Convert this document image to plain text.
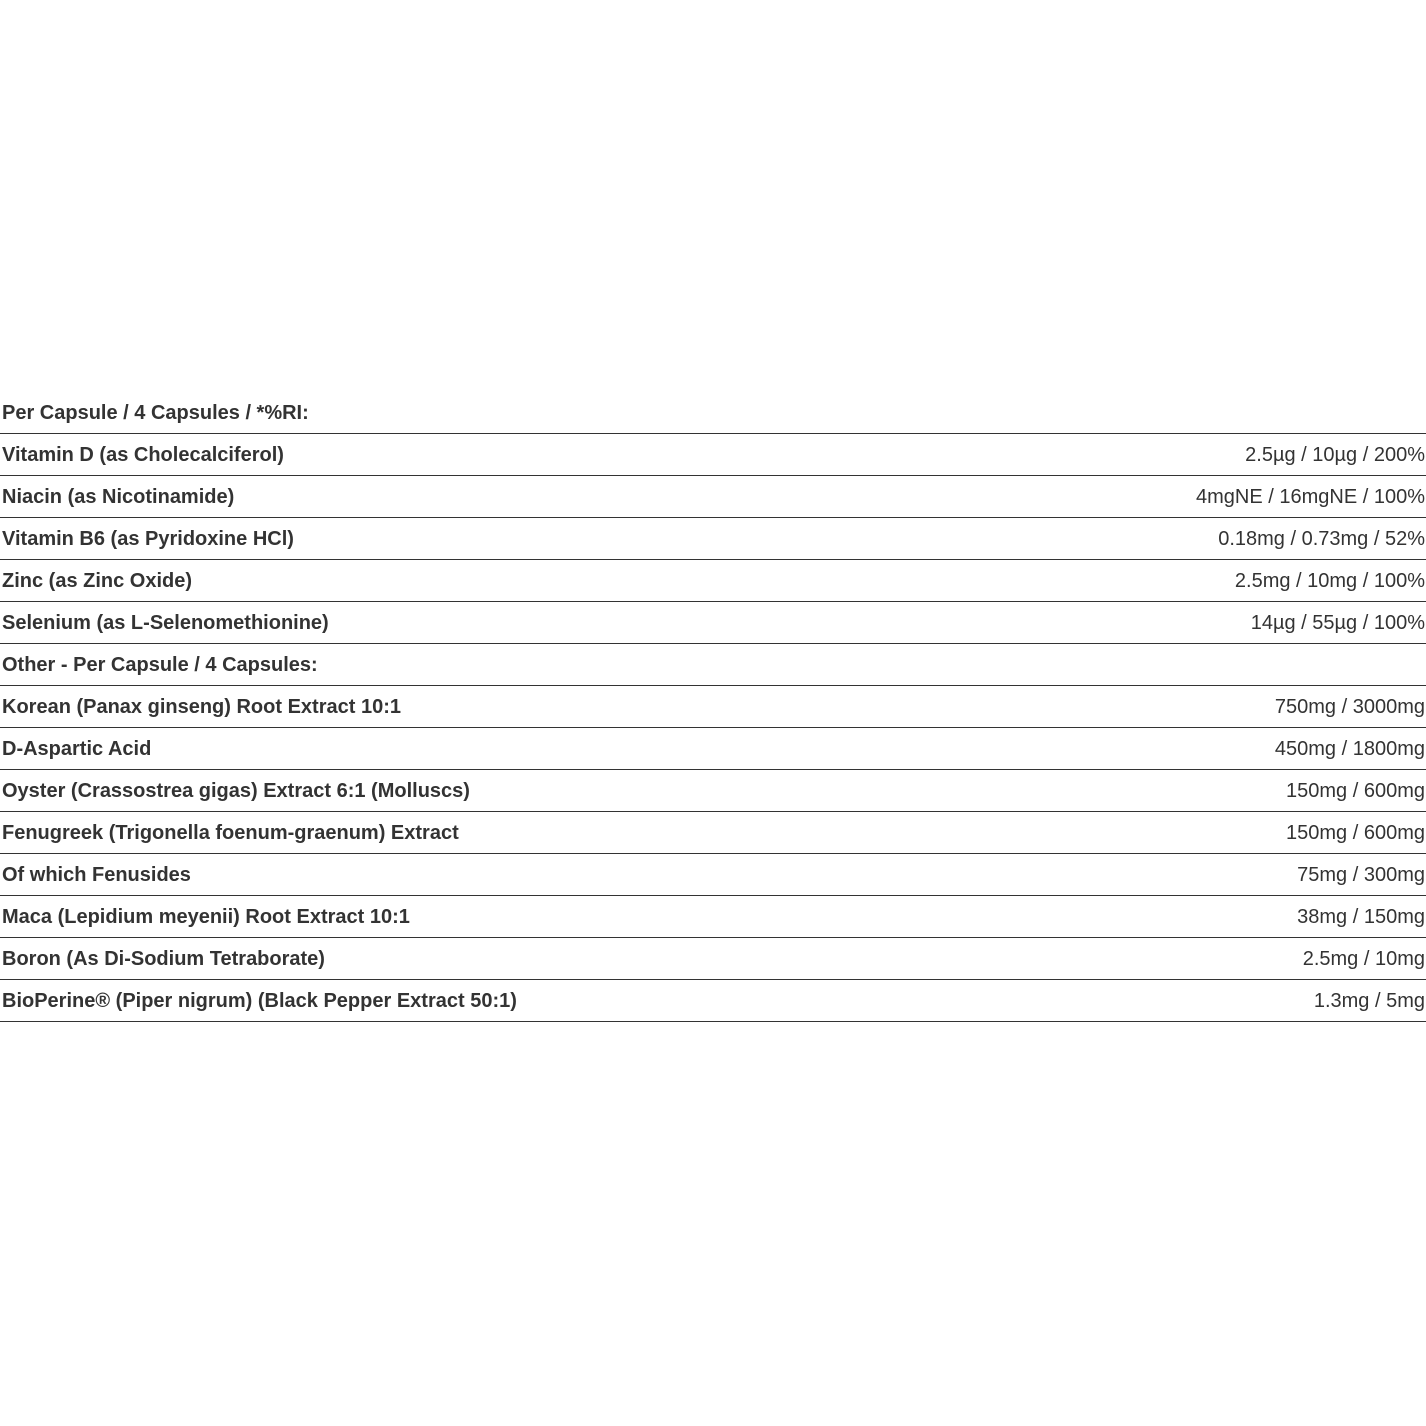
Per Capsule / 4 Capsules / *%RI:
Vitamin D (as Cholecalciferol)	2.5µg / 10µg / 200%
Niacin (as Nicotinamide)	4mgNE / 16mgNE / 100%
Vitamin B6 (as Pyridoxine HCl)	0.18mg / 0.73mg / 52%
Zinc (as Zinc Oxide)	2.5mg / 10mg / 100%
Selenium (as L-Selenomethionine)	14µg / 55µg / 100%
Other - Per Capsule / 4 Capsules:
Korean (Panax ginseng) Root Extract 10:1	750mg / 3000mg
D-Aspartic Acid	450mg / 1800mg
Oyster (Crassostrea gigas) Extract 6:1 (Molluscs)	150mg / 600mg
Fenugreek (Trigonella foenum-graenum) Extract	150mg / 600mg
Of which Fenusides	75mg / 300mg
Maca (Lepidium meyenii) Root Extract 10:1	38mg / 150mg
Boron (As Di-Sodium Tetraborate)	2.5mg / 10mg
BioPerine® (Piper nigrum) (Black Pepper Extract 50:1)	1.3mg / 5mg
